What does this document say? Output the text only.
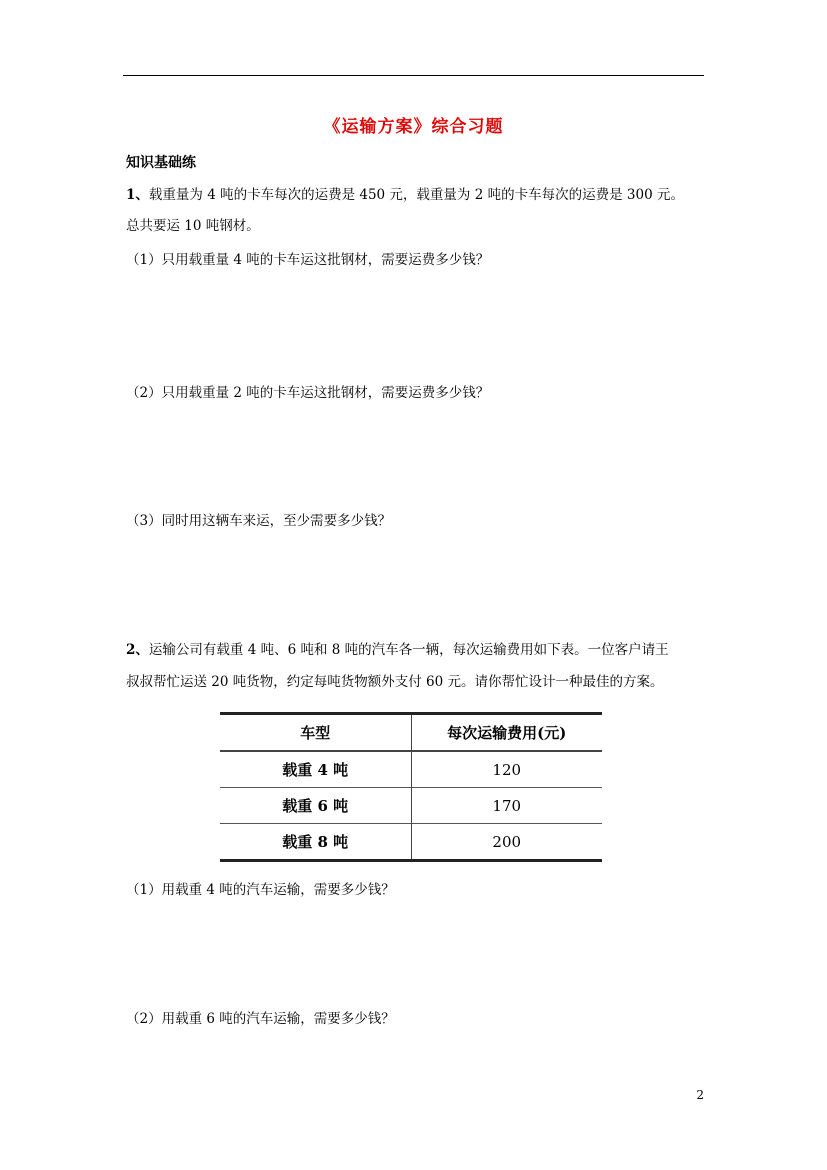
《运输方案》综合习题
知识基础练
1、载重量为 4 吨的卡车每次的运费是 450 元，载重量为 2 吨的卡车每次的运费是 300 元。
总共要运 10 吨钢材。
（1）只用载重量 4 吨的卡车运这批钢材，需要运费多少钱？
（2）只用载重量 2 吨的卡车运这批钢材，需要运费多少钱？
（3）同时用这辆车来运，至少需要多少钱？
2、运输公司有载重 4 吨、6 吨和 8 吨的汽车各一辆，每次运输费用如下表。一位客户请王
叔叔帮忙运送 20 吨货物，约定每吨货物额外支付 60 元。请你帮忙设计一种最佳的方案。
车型	每次运输费用(元)
载重 4 吨	120
载重 6 吨	170
载重 8 吨	200
（1）用载重 4 吨的汽车运输，需要多少钱？
（2）用载重 6 吨的汽车运输，需要多少钱？
2
